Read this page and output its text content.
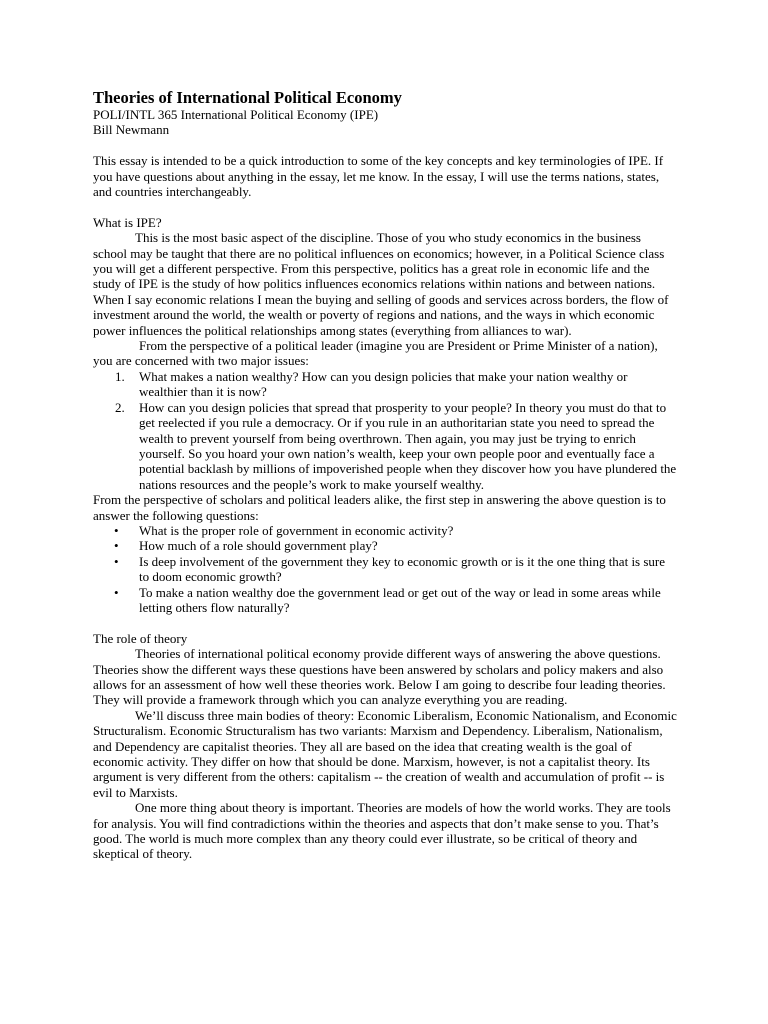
Theories of International Political Economy

POLI/INTL 365 International Political Economy (IPE)

Bill Newmann

This essay is intended to be a quick introduction to some of the key concepts and key terminologies of IPE. If you have questions about anything in the essay, let me know. In the essay, I will use the terms nations, states, and countries interchangeably.

What is IPE?

This is the most basic aspect of the discipline. Those of you who study economics in the business school may be taught that there are no political influences on economics; however, in a Political Science class you will get a different perspective. From this perspective, politics has a great role in economic life and the study of IPE is the study of how politics influences economics relations within nations and between nations. When I say economic relations I mean the buying and selling of goods and services across borders, the flow of investment around the world, the wealth or poverty of regions and nations, and the ways in which economic power influences the political relationships among states (everything from alliances to war).

From the perspective of a political leader (imagine you are President or Prime Minister of a nation), you are concerned with two major issues:

1.	What makes a nation wealthy? How can you design policies that make your nation wealthy or wealthier than it is now?
2.	How can you design policies that spread that prosperity to your people? In theory you must do that to get reelected if you rule a democracy. Or if you rule in an authoritarian state you need to spread the wealth to prevent yourself from being overthrown. Then again, you may just be trying to enrich yourself. So you hoard your own nation’s wealth, keep your own people poor and eventually face a potential backlash by millions of impoverished people when they discover how you have plundered the nations resources and the people’s work to make yourself wealthy.

From the perspective of scholars and political leaders alike, the first step in answering the above question is to answer the following questions:

• What is the proper role of government in economic activity?
• How much of a role should government play?
• Is deep involvement of the government they key to economic growth or is it the one thing that is sure to doom economic growth?
• To make a nation wealthy doe the government lead or get out of the way or lead in some areas while letting others flow naturally?

The role of theory

Theories of international political economy provide different ways of answering the above questions. Theories show the different ways these questions have been answered by scholars and policy makers and also allows for an assessment of how well these theories work. Below I am going to describe four leading theories. They will provide a framework through which you can analyze everything you are reading.

We’ll discuss three main bodies of theory: Economic Liberalism, Economic Nationalism, and Economic Structuralism. Economic Structuralism has two variants: Marxism and Dependency. Liberalism, Nationalism, and Dependency are capitalist theories. They all are based on the idea that creating wealth is the goal of economic activity. They differ on how that should be done. Marxism, however, is not a capitalist theory. Its argument is very different from the others: capitalism -- the creation of wealth and accumulation of profit -- is evil to Marxists.

One more thing about theory is important. Theories are models of how the world works. They are tools for analysis. You will find contradictions within the theories and aspects that don’t make sense to you. That’s good. The world is much more complex than any theory could ever illustrate, so be critical of theory and skeptical of theory.
